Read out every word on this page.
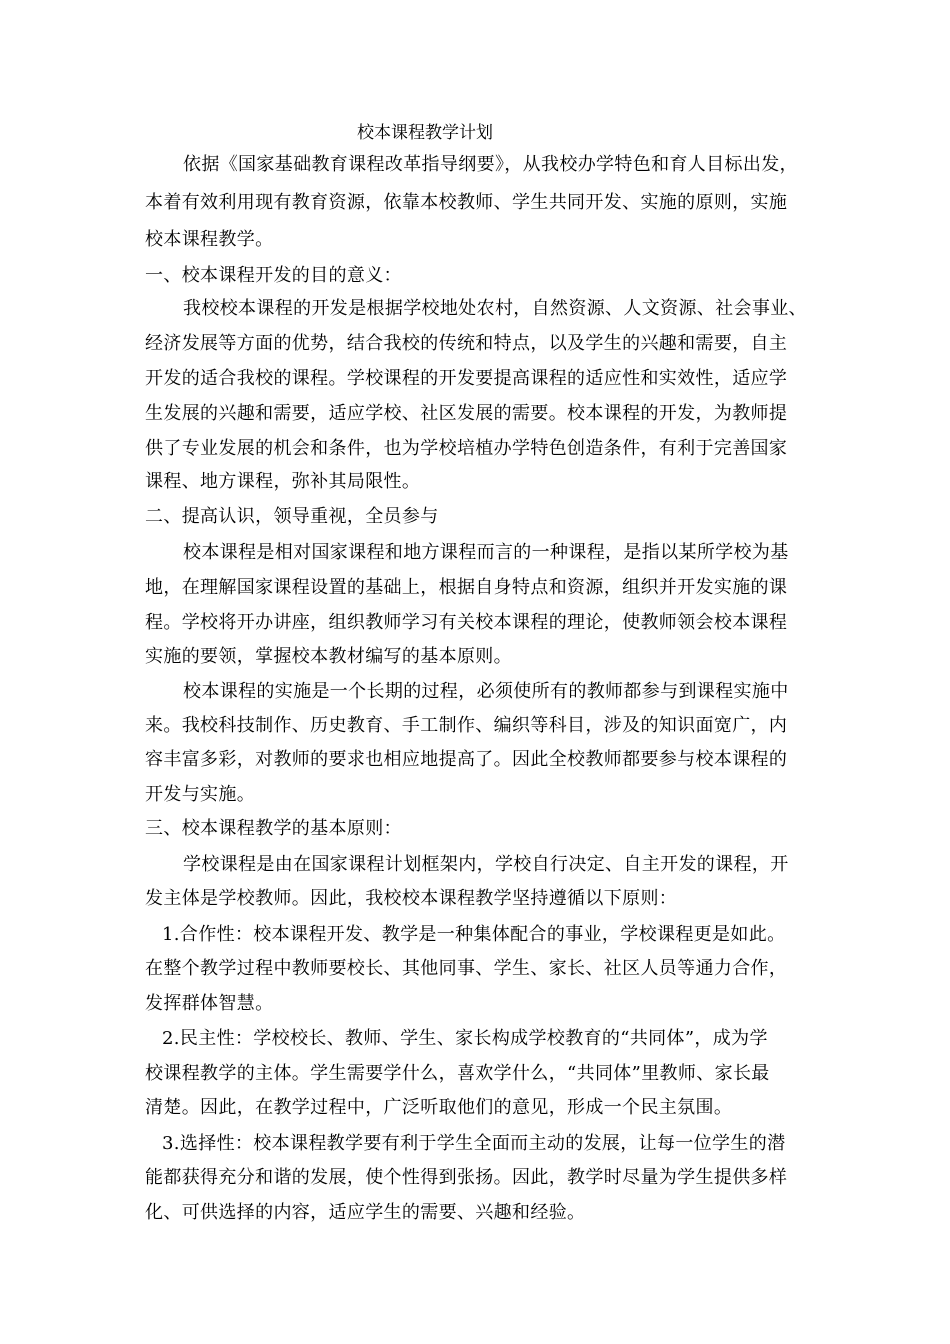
校本课程教学计划
依据《国家基础教育课程改革指导纲要》，从我校办学特色和育人目标出发，
本着有效利用现有教育资源，依靠本校教师、学生共同开发、实施的原则，实施
校本课程教学。
一、校本课程开发的目的意义：
我校校本课程的开发是根据学校地处农村，自然资源、人文资源、社会事业、
经济发展等方面的优势，结合我校的传统和特点，以及学生的兴趣和需要，自主
开发的适合我校的课程。学校课程的开发要提高课程的适应性和实效性，适应学
生发展的兴趣和需要，适应学校、社区发展的需要。校本课程的开发，为教师提
供了专业发展的机会和条件，也为学校培植办学特色创造条件，有利于完善国家
课程、地方课程，弥补其局限性。
二、提高认识，领导重视，全员参与
校本课程是相对国家课程和地方课程而言的一种课程，是指以某所学校为基
地，在理解国家课程设置的基础上，根据自身特点和资源，组织并开发实施的课
程。学校将开办讲座，组织教师学习有关校本课程的理论，使教师领会校本课程
实施的要领，掌握校本教材编写的基本原则。
校本课程的实施是一个长期的过程，必须使所有的教师都参与到课程实施中
来。我校科技制作、历史教育、手工制作、编织等科目，涉及的知识面宽广，内
容丰富多彩，对教师的要求也相应地提高了。因此全校教师都要参与校本课程的
开发与实施。
三、校本课程教学的基本原则：
学校课程是由在国家课程计划框架内，学校自行决定、自主开发的课程，开
发主体是学校教师。因此，我校校本课程教学坚持遵循以下原则：
1.合作性：校本课程开发、教学是一种集体配合的事业，学校课程更是如此。
在整个教学过程中教师要校长、其他同事、学生、家长、社区人员等通力合作，
发挥群体智慧。
2.民主性：学校校长、教师、学生、家长构成学校教育的“共同体”，成为学
校课程教学的主体。学生需要学什么，喜欢学什么，“共同体”里教师、家长最
清楚。因此，在教学过程中，广泛听取他们的意见，形成一个民主氛围。
3.选择性：校本课程教学要有利于学生全面而主动的发展，让每一位学生的潜
能都获得充分和谐的发展，使个性得到张扬。因此，教学时尽量为学生提供多样
化、可供选择的内容，适应学生的需要、兴趣和经验。
